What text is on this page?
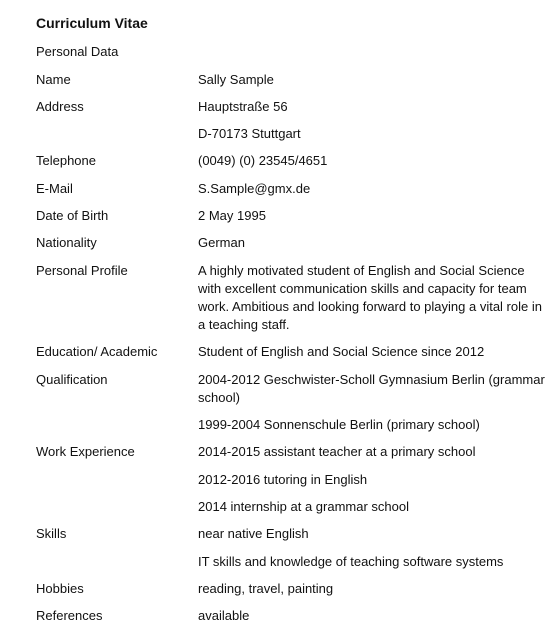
Curriculum Vitae
Personal Data
Name	Sally Sample
Address	Hauptstraße 56
D-70173 Stuttgart
Telephone	(0049) (0) 23545/4651
E-Mail	S.Sample@gmx.de
Date of Birth	2 May 1995
Nationality	German
Personal Profile	A highly motivated student of English and Social Science with excellent communication skills and capacity for team work. Ambitious and looking forward to playing a vital role in a teaching staff.
Education/ Academic	Student of English and Social Science since 2012
Qualification	2004-2012 Geschwister-Scholl Gymnasium Berlin (grammar school)
1999-2004 Sonnenschule Berlin (primary school)
Work Experience	2014-2015 assistant teacher at a primary school
2012-2016 tutoring in English
2014 internship at a grammar school
Skills	near native English
IT skills and knowledge of teaching software systems
Hobbies	reading, travel, painting
References	available
